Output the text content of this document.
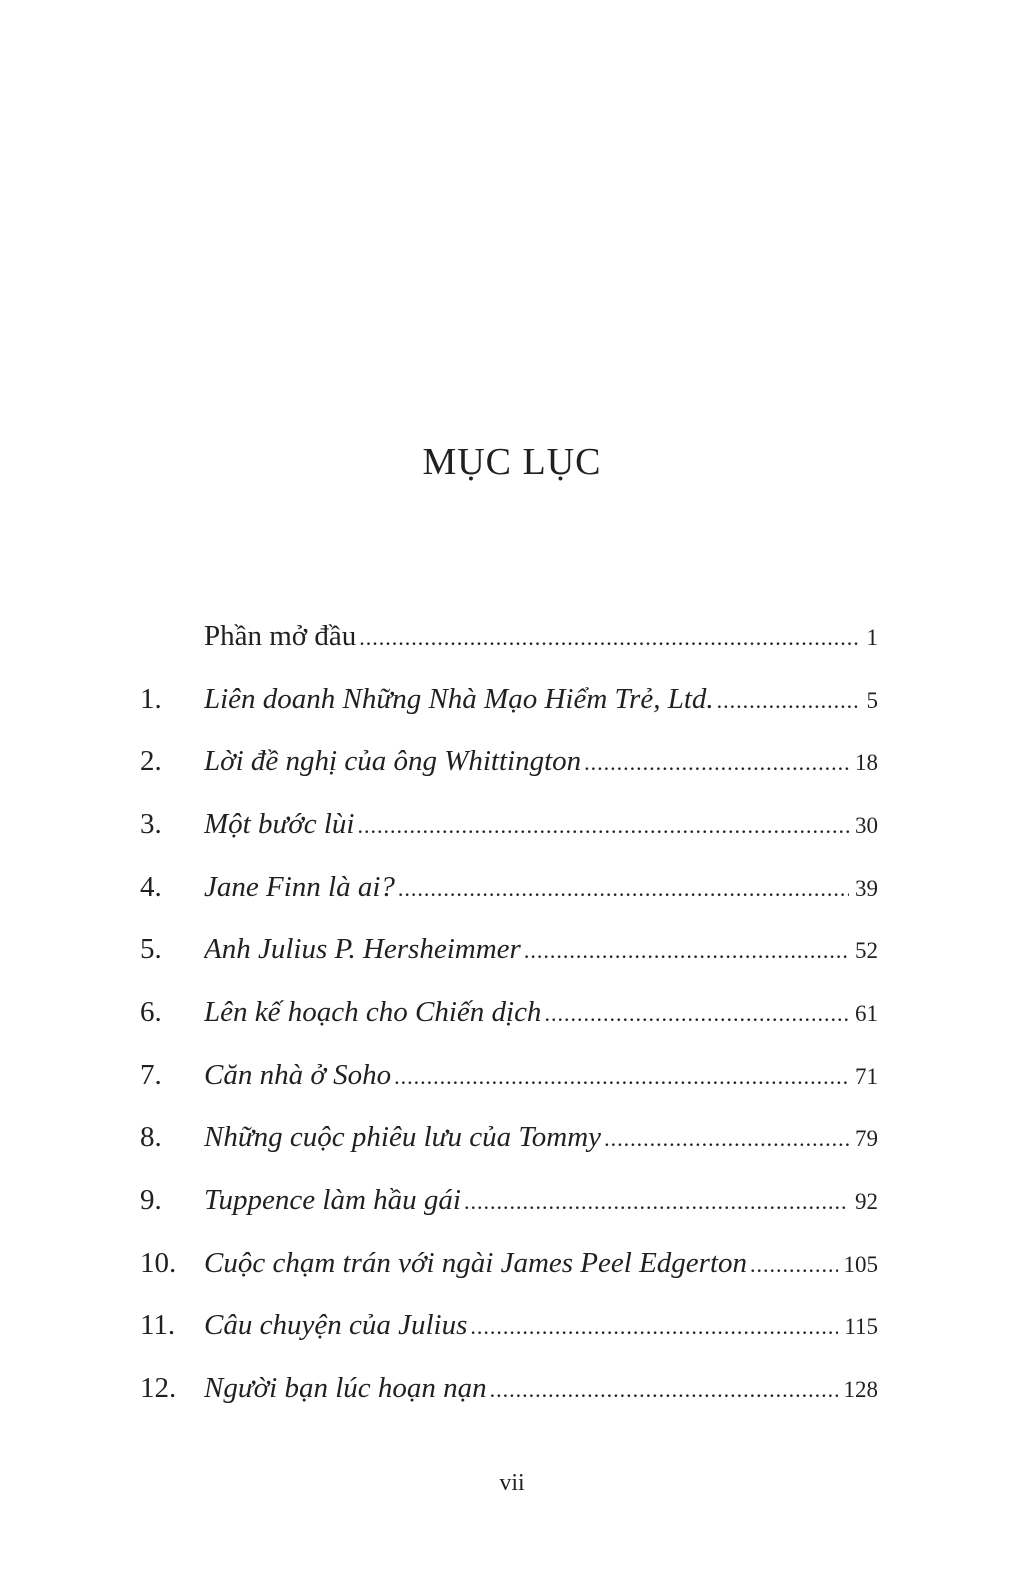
MỤC LỤC
Phần mở đầu .....	1
1.	Liên doanh Những Nhà Mạo Hiểm Trẻ, Ltd. .....	5
2.	Lời đề nghị của ông Whittington .....	18
3.	Một bước lùi .....	30
4.	Jane Finn là ai? .....	39
5.	Anh Julius P. Hersheimmer .....	52
6.	Lên kế hoạch cho Chiến dịch .....	61
7.	Căn nhà ở Soho .....	71
8.	Những cuộc phiêu lưu của Tommy .....	79
9.	Tuppence làm hầu gái .....	92
10. Cuộc chạm trán với ngài James Peel Edgerton .....	105
11. Câu chuyện của Julius .....	115
12. Người bạn lúc hoạn nạn .....	128
vii
